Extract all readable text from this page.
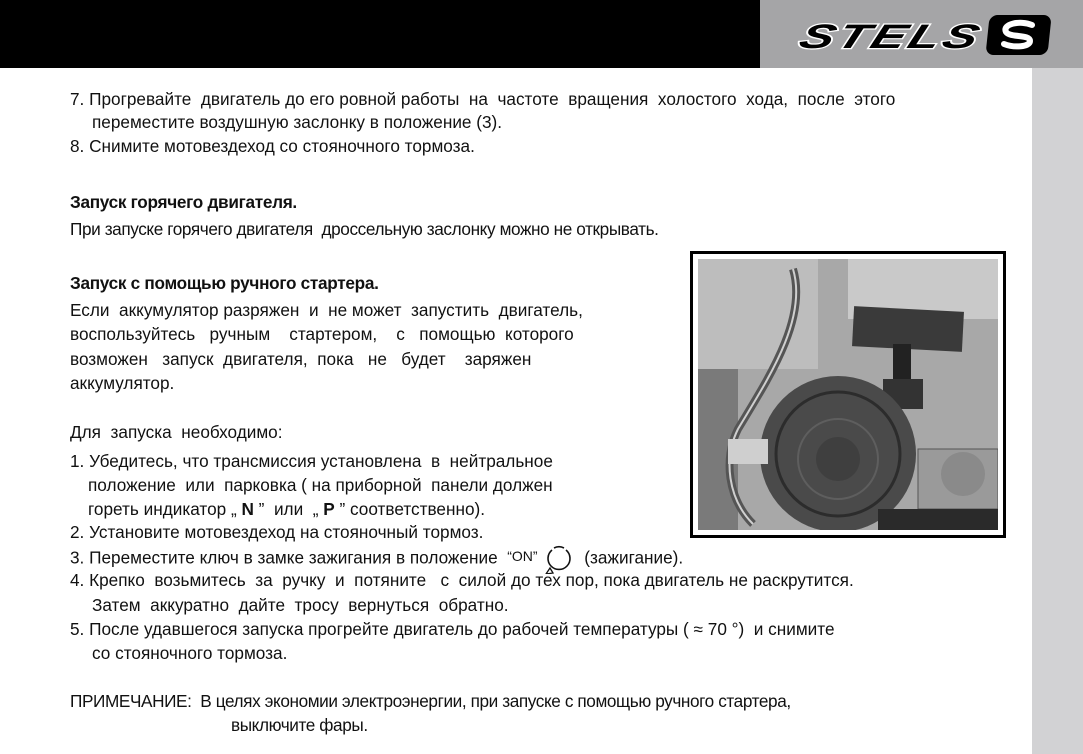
STELS
7. Прогревайте  двигатель до его ровной работы  на  частоте  вращения  холостого  хода,  после  этого
переместите воздушную заслонку в положение (3).
8. Снимите мотовездеход со стояночного тормоза.
Запуск горячего двигателя.
При запуске горячего двигателя  дроссельную заслонку можно не открывать.
Запуск с помощью ручного стартера.
Если  аккумулятор разряжен  и  не может  запустить  двигатель,
воспользуйтесь   ручным    стартером,    с   помощью  которого
возможен   запуск  двигателя,  пока   не   будет    заряжен
аккумулятор.
Для  запуска  необходимо:
1. Убедитесь, что трансмиссия установлена  в  нейтральное
положение  или  парковка ( на приборной  панели должен
гореть индикатор „ N ”  или  „ P ” соответственно).
2. Установите мотовездеход на стояночный тормоз.
3. Переместите ключ в замке зажигания в положение  “ON” (зажигание).
4. Крепко  возьмитесь  за  ручку  и  потяните   с  силой до тех пор, пока двигатель не раскрутится.
Затем  аккуратно  дайте  тросу  вернуться  обратно.
5. После удавшегося запуска прогрейте двигатель до рабочей температуры ( ≈ 70 °)  и снимите
со стояночного тормоза.
ПРИМЕЧАНИЕ: В целях экономии электроэнергии, при запуске с помощью ручного стартера,
выключите фары.
